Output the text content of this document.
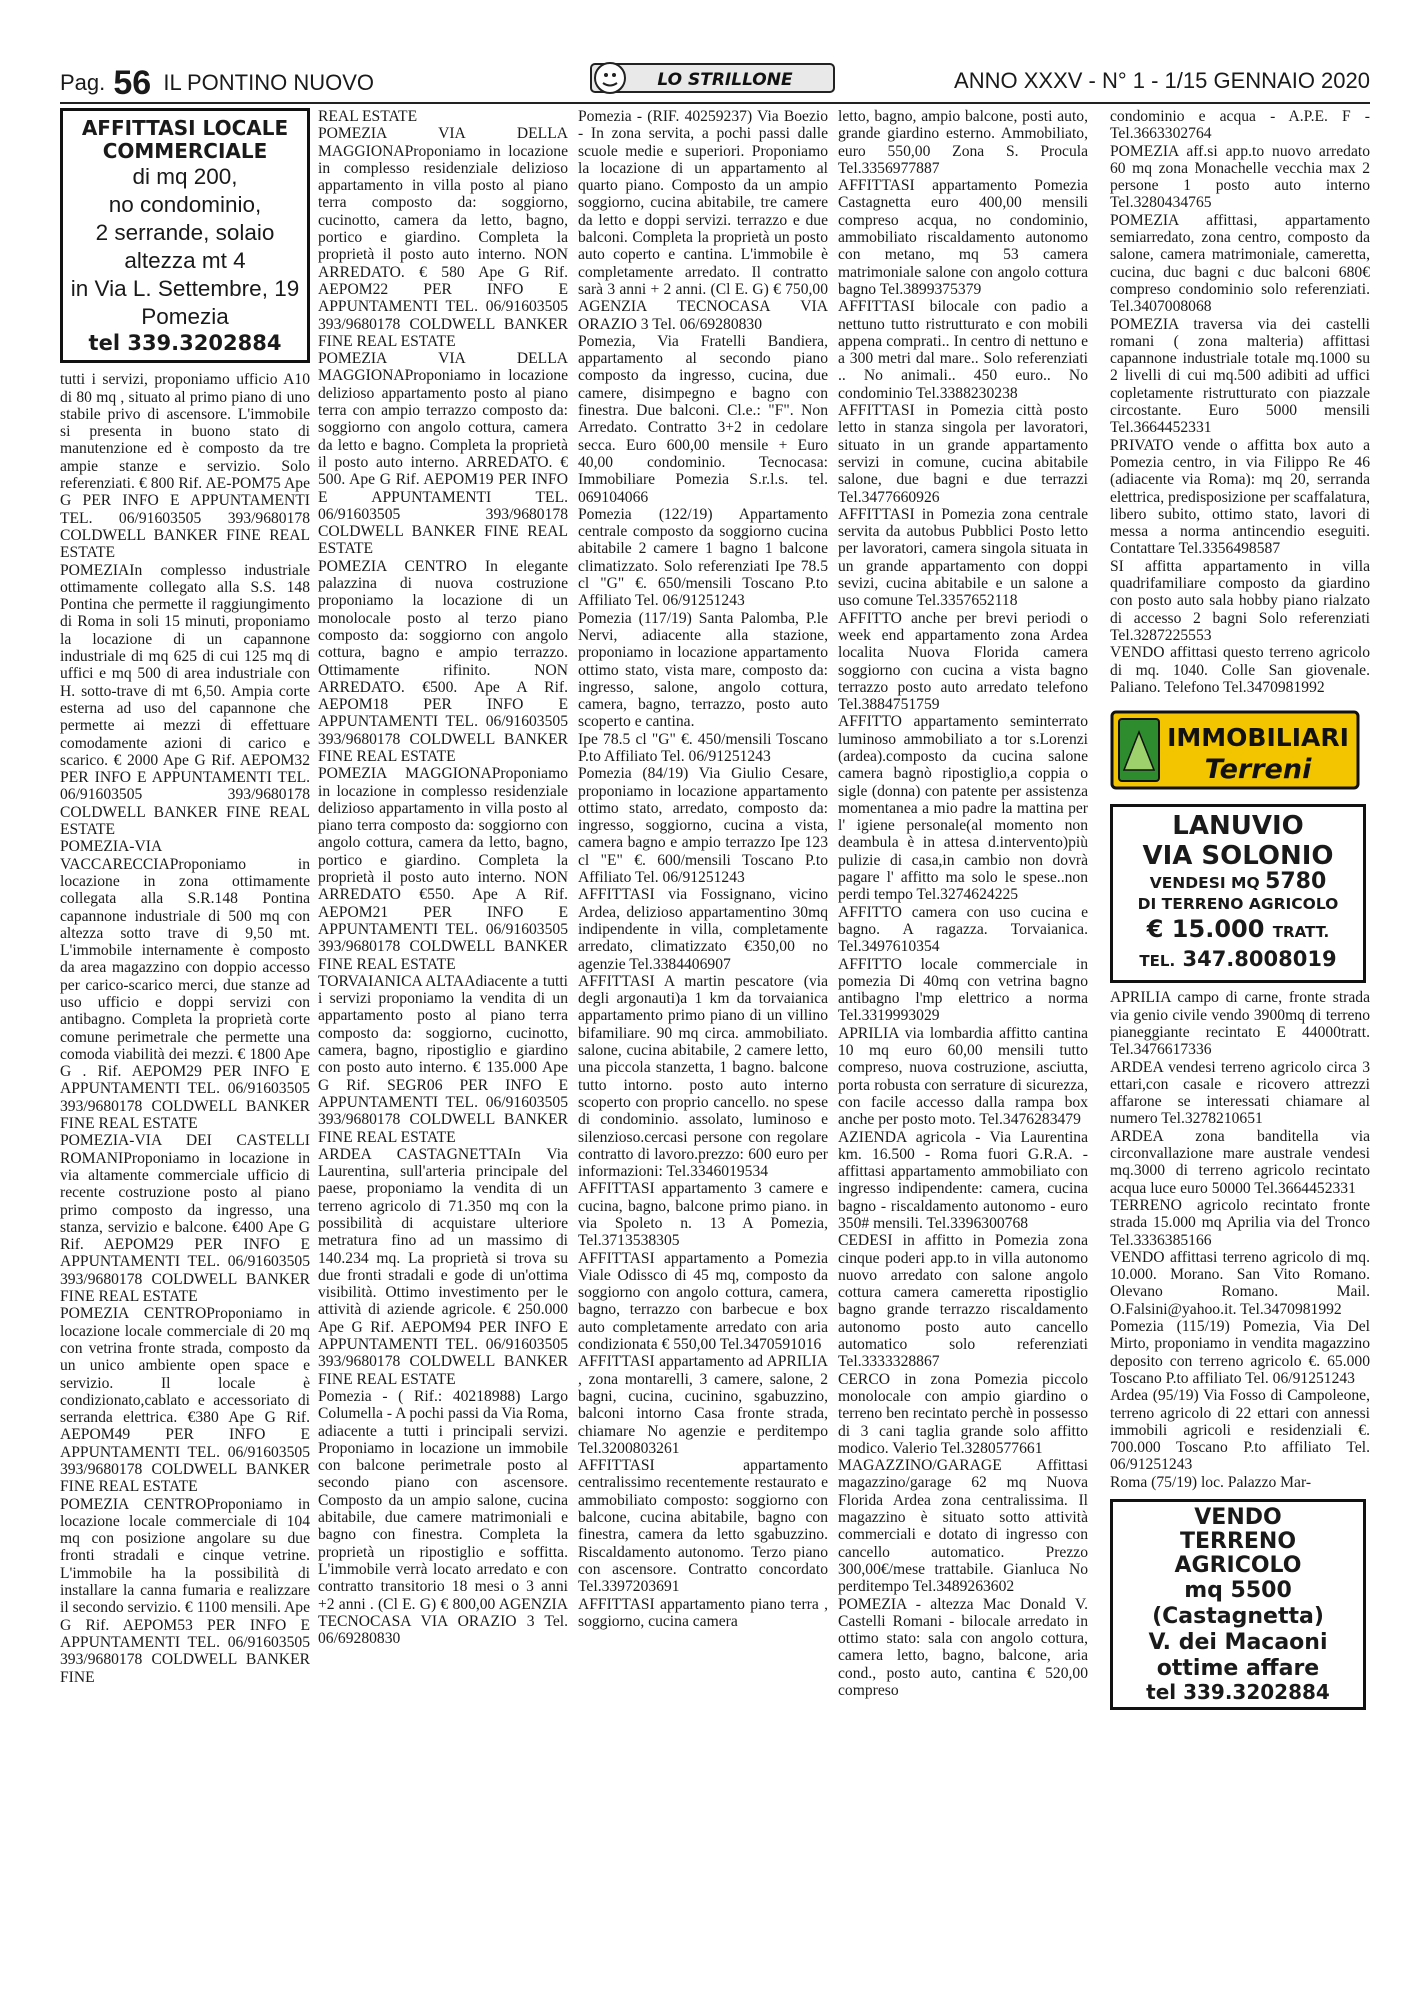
Pag. 56 IL PONTINO NUOVO	LO STRILLONE	ANNO XXXV - N° 1 - 1/15 GENNAIO 2020
AFFITTASI LOCALE
COMMERCIALE
di mq 200,
no condominio,
2 serrande, solaio
altezza mt 4
in Via L. Settembre, 19
Pomezia
tel 339.3202884

tutti i servizi, proponiamo ufficio A10 di 80 mq , situato al primo piano di uno stabile privo di ascensore. L'immobile si presenta in buono stato di manutenzione ed è composto da tre ampie stanze e servizio. Solo referenziati. € 800 Rif. AE-POM75 Ape G PER INFO E APPUNTAMENTI TEL. 06/91603505 393/9680178 COLDWELL BANKER FINE REAL ESTATE

POMEZIAIn complesso industriale ottimamente collegato alla S.S. 148 Pontina che permette il raggiungimento di Roma in soli 15 minuti, proponiamo la locazione di un capannone industriale di mq 625 di cui 125 mq di uffici e mq 500 di area industriale con H. sotto-trave di mt 6,50. Ampia corte esterna ad uso del capannone che permette ai mezzi di effettuare comodamente azioni di carico e scarico. € 2000 Ape G Rif. AEPOM32 PER INFO E APPUNTAMENTI TEL. 06/91603505 393/9680178 COLDWELL BANKER FINE REAL ESTATE

POMEZIA-VIA VACCARECCIAProponiamo in locazione in zona ottimamente collegata alla S.R.148 Pontina capannone industriale di 500 mq con altezza sotto trave di 9,50 mt. L'immobile internamente è composto da area magazzino con doppio accesso per carico-scarico merci, due stanze ad uso ufficio e doppi servizi con antibagno. Completa la proprietà corte comune perimetrale che permette una comoda viabilità dei mezzi. € 1800 Ape G . Rif. AEPOM29 PER INFO E APPUNTAMENTI TEL. 06/91603505 393/9680178 COLDWELL BANKER FINE REAL ESTATE

POMEZIA-VIA DEI CASTELLI ROMANIProponiamo in locazione in via altamente commerciale ufficio di recente costruzione posto al piano primo composto da ingresso, una stanza, servizio e balcone. €400 Ape G Rif. AEPOM29 PER INFO E APPUNTAMENTI TEL. 06/91603505 393/9680178 COLDWELL BANKER FINE REAL ESTATE

POMEZIA CENTROProponiamo in locazione locale commerciale di 20 mq con vetrina fronte strada, composto da un unico ambiente open space e servizio. Il locale è condizionato,cablato e accessoriato di serranda elettrica. €380 Ape G Rif. AEPOM49 PER INFO E APPUNTAMENTI TEL. 06/91603505 393/9680178 COLDWELL BANKER FINE REAL ESTATE

POMEZIA CENTROProponiamo in locazione locale commerciale di 104 mq con posizione angolare su due fronti stradali e cinque vetrine. L'immobile ha la possibilità di installare la canna fumaria e realizzare il secondo servizio. € 1100 mensili. Ape G Rif. AEPOM53 PER INFO E APPUNTAMENTI TEL. 06/91603505 393/9680178 COLDWELL BANKER FINE

REAL ESTATE

POMEZIA VIA DELLA MAGGIONAProponiamo in locazione in complesso residenziale delizioso appartamento in villa posto al piano terra composto da: soggiorno, cucinotto, camera da letto, bagno, portico e giardino. Completa la proprietà il posto auto interno. NON ARREDATO. € 580 Ape G Rif. AEPOM22 PER INFO E APPUNTAMENTI TEL. 06/91603505 393/9680178 COLDWELL BANKER FINE REAL ESTATE

POMEZIA VIA DELLA MAGGIONAProponiamo in locazione delizioso appartamento posto al piano terra con ampio terrazzo composto da: soggiorno con angolo cottura, camera da letto e bagno. Completa la proprietà il posto auto interno. ARREDATO. € 500. Ape G Rif. AEPOM19 PER INFO E APPUNTAMENTI TEL. 06/91603505 393/9680178 COLDWELL BANKER FINE REAL ESTATE

POMEZIA CENTRO In elegante palazzina di nuova costruzione proponiamo la locazione di un monolocale posto al terzo piano composto da: soggiorno con angolo cottura, bagno e ampio terrazzo. Ottimamente rifinito. NON ARREDATO. €500. Ape A Rif. AEPOM18 PER INFO E APPUNTAMENTI TEL. 06/91603505 393/9680178 COLDWELL BANKER FINE REAL ESTATE

POMEZIA MAGGIONAProponiamo in locazione in complesso residenziale delizioso appartamento in villa posto al piano terra composto da: soggiorno con angolo cottura, camera da letto, bagno, portico e giardino. Completa la proprietà il posto auto interno. NON ARREDATO €550. Ape A Rif. AEPOM21 PER INFO E APPUNTAMENTI TEL. 06/91603505 393/9680178 COLDWELL BANKER FINE REAL ESTATE

TORVAIANICA ALTAAdiacente a tutti i servizi proponiamo la vendita di un appartamento posto al piano terra composto da: soggiorno, cucinotto, camera, bagno, ripostiglio e giardino con posto auto interno. € 135.000 Ape G Rif. SEGR06 PER INFO E APPUNTAMENTI TEL. 06/91603505 393/9680178 COLDWELL BANKER FINE REAL ESTATE

ARDEA CASTAGNETTAIn Via Laurentina, sull'arteria principale del paese, proponiamo la vendita di un terreno agricolo di 71.350 mq con la possibilità di acquistare ulteriore metratura fino ad un massimo di 140.234 mq. La proprietà si trova su due fronti stradali e gode di un'ottima visibilità. Ottimo investimento per le attività di aziende agricole. € 250.000 Ape G Rif. AEPOM94 PER INFO E APPUNTAMENTI TEL. 06/91603505 393/9680178 COLDWELL BANKER FINE REAL ESTATE

Pomezia - ( Rif.: 40218988) Largo Columella - A pochi passi da Via Roma, adiacente a tutti i principali servizi. Proponiamo in locazione un immobile con balcone perimetrale posto al secondo piano con ascensore. Composto da un ampio salone, cucina abitabile, due camere matrimoniali e bagno con finestra. Completa la proprietà un ripostiglio e soffitta. L'immobile verrà locato arredato e con contratto transitorio 18 mesi o 3 anni +2 anni . (Cl E. G) € 800,00 AGENZIA TECNOCASA VIA ORAZIO 3 Tel. 06/69280830

Pomezia - (RIF. 40259237) Via Boezio - In zona servita, a pochi passi dalle scuole medie e superiori. Proponiamo la locazione di un appartamento al quarto piano. Composto da un ampio soggiorno, cucina abitabile, tre camere da letto e doppi servizi. terrazzo e due balconi. Completa la proprietà un posto auto coperto e cantina. L'immobile è completamente arredato. Il contratto sarà 3 anni + 2 anni. (Cl E. G) € 750,00 AGENZIA TECNOCASA VIA ORAZIO 3 Tel. 06/69280830

Pomezia, Via Fratelli Bandiera, appartamento al secondo piano composto da ingresso, cucina, due camere, disimpegno e bagno con finestra. Due balconi. Cl.e.: "F". Non Arredato. Contratto 3+2 in cedolare secca. Euro 600,00 mensile + Euro 40,00 condominio. Tecnocasa: Immobiliare Pomezia S.r.l.s. tel. 069104066

Pomezia (122/19) Appartamento centrale composto da soggiorno cucina abitabile 2 camere 1 bagno 1 balcone climatizzato. Solo referenziati Ipe 78.5 cl "G" €. 650/mensili Toscano P.to Affiliato Tel. 06/91251243

Pomezia (117/19) Santa Palomba, P.le Nervi, adiacente alla stazione, proponiamo in locazione appartamento ottimo stato, vista mare, composto da: ingresso, salone, angolo cottura, camera, bagno, terrazzo, posto auto scoperto e cantina.

Ipe 78.5 cl "G" €. 450/mensili Toscano P.to Affiliato Tel. 06/91251243

Pomezia (84/19) Via Giulio Cesare, proponiamo in locazione appartamento ottimo stato, arredato, composto da: ingresso, soggiorno, cucina a vista, camera bagno e ampio terrazzo Ipe 123 cl "E" €. 600/mensili Toscano P.to Affiliato Tel. 06/91251243

AFFITTASI via Fossignano, vicino Ardea, delizioso appartamentino 30mq indipendente in villa, completamente arredato, climatizzato €350,00 no agenzie Tel.3384406907

AFFITTASI A martin pescatore (via degli argonauti)a 1 km da torvaianica appartamento primo piano di un villino bifamiliare. 90 mq circa. ammobiliato. salone, cucina abitabile, 2 camere letto, una piccola stanzetta, 1 bagno. balcone tutto intorno. posto auto interno scoperto con proprio cancello. no spese di condominio. assolato, luminoso e silenzioso.cercasi persone con regolare contratto di lavoro.prezzo: 600 euro per informazioni: Tel.3346019534

AFFITTASI appartamento 3 camere e cucina, bagno, balcone primo piano. in via Spoleto n. 13 A Pomezia, Tel.3713538305

AFFITTASI appartamento a Pomezia Viale Odissco di 45 mq, composto da soggiorno con angolo cottura, camera, bagno, terrazzo con barbecue e box auto completamente arredato con aria condizionata € 550,00 Tel.3470591016

AFFITTASI appartamento ad APRILIA , zona montarelli, 3 camere, salone, 2 bagni, cucina, cucinino, sgabuzzino, balconi intorno Casa fronte strada, chiamare No agenzie e perditempo Tel.3200803261

AFFITTASI appartamento centralissimo recentemente restaurato e ammobiliato composto: soggiorno con balcone, cucina abitabile, bagno con finestra, camera da letto sgabuzzino. Riscaldamento autonomo. Terzo piano con ascensore. Contratto concordato Tel.3397203691

AFFITTASI appartamento piano terra , soggiorno, cucina camera

letto, bagno, ampio balcone, posti auto, grande giardino esterno. Ammobiliato, euro 550,00 Zona S. Procula Tel.3356977887

AFFITTASI appartamento Pomezia Castagnetta euro 400,00 mensili compreso acqua, no condominio, ammobiliato riscaldamento autonomo con metano, mq 53 camera matrimoniale salone con angolo cottura bagno Tel.3899375379

AFFITTASI bilocale con padio a nettuno tutto ristrutturato e con mobili appena comprati.. In centro di nettuno e a 300 metri dal mare.. Solo referenziati .. No animali.. 450 euro.. No condominio Tel.3388230238

AFFITTASI in Pomezia città posto letto in stanza singola per lavoratori, situato in un grande appartamento servizi in comune, cucina abitabile salone, due bagni e due terrazzi Tel.3477660926

AFFITTASI in Pomezia zona centrale servita da autobus Pubblici Posto letto per lavoratori, camera singola situata in un grande appartamento con doppi sevizi, cucina abitabile e un salone a uso comune Tel.3357652118

AFFITTO anche per brevi periodi o week end appartamento zona Ardea localita Nuova Florida camera soggiorno con cucina a vista bagno terrazzo posto auto arredato telefono Tel.3884751759

AFFITTO appartamento seminterrato luminoso ammobiliato a tor s.Lorenzi (ardea).composto da cucina salone camera bagnò ripostiglio,a coppia o sigle (donna) con patente per assistenza momentanea a mio padre la mattina per l' igiene personale(al momento non deambula è in attesa d.intervento)più pulizie di casa,in cambio non dovrà pagare l' affitto ma solo le spese..non perdi tempo Tel.3274624225

AFFITTO camera con uso cucina e bagno. A ragazza. Torvaianica. Tel.3497610354

AFFITTO locale commerciale in pomezia Di 40mq con vetrina bagno antibagno l'mp elettrico a norma Tel.3319993029

APRILIA via lombardia affitto cantina 10 mq euro 60,00 mensili tutto compreso, nuova costruzione, asciutta, porta robusta con serrature di sicurezza, con facile accesso dalla rampa box anche per posto moto. Tel.3476283479

AZIENDA agricola - Via Laurentina km. 16.500 - Roma fuori G.R.A. - affittasi appartamento ammobiliato con ingresso indipendente: camera, cucina bagno - riscaldamento autonomo - euro 350# mensili. Tel.3396300768

CEDESI in affitto in Pomezia zona cinque poderi app.to in villa autonomo nuovo arredato con salone angolo cottura camera cameretta ripostiglio bagno grande terrazzo riscaldamento autonomo posto auto cancello automatico solo referenziati Tel.3333328867

CERCO in zona Pomezia piccolo monolocale con ampio giardino o terreno ben recintato perchè in possesso di 3 cani taglia grande solo affitto modico. Valerio Tel.3280577661

MAGAZZINO/GARAGE Affittasi magazzino/garage 62 mq Nuova Florida Ardea zona centralissima. Il magazzino è situato sotto attività commerciali e dotato di ingresso con cancello automatico. Prezzo 300,00€/mese trattabile. Gianluca No perditempo Tel.3489263602

POMEZIA - altezza Mac Donald V. Castelli Romani - bilocale arredato in ottimo stato: sala con angolo cottura, camera letto, bagno, balcone, aria cond., posto auto, cantina € 520,00 compreso

condominio e acqua - A.P.E. F - Tel.3663302764

POMEZIA aff.si app.to nuovo arredato 60 mq zona Monachelle vecchia max 2 persone 1 posto auto interno Tel.3280434765

POMEZIA affittasi, appartamento semiarredato, zona centro, composto da salone, camera matrimoniale, cameretta, cucina, duc bagni c duc balconi 680€ compreso condominio solo referenziati. Tel.3407008068

POMEZIA traversa via dei castelli romani ( zona malteria) affittasi capannone industriale totale mq.1000 su 2 livelli di cui mq.500 adibiti ad uffici copletamente ristrutturato con piazzale circostante. Euro 5000 mensili Tel.3664452331

PRIVATO vende o affitta box auto a Pomezia centro, in via Filippo Re 46 (adiacente via Roma): mq 20, serranda elettrica, predisposizione per scaffalatura, libero subito, ottimo stato, lavori di messa a norma antincendio eseguiti. Contattare Tel.3356498587

SI affitta appartamento in villa quadrifamiliare composto da giardino con posto auto sala hobby piano rialzato di accesso 2 bagni Solo referenziati Tel.3287225553

VENDO affittasi questo terreno agricolo di mq. 1040. Colle San giovenale. Paliano. Telefono Tel.3470981992

IMMOBILIARI
Terreni
LANUVIO
VIA SOLONIO
VENDESI MQ 5780
DI TERRENO AGRICOLO
€ 15.000 TRATT.
TEL. 347.8008019

APRILIA campo di carne, fronte strada via genio civile vendo 3900mq di terreno pianeggiante recintato E 44000tratt. Tel.3476617336

ARDEA vendesi terreno agricolo circa 3 ettari,con casale e ricovero attrezzi affarone se interessati chiamare al numero Tel.3278210651

ARDEA zona banditella via circonvallazione mare australe vendesi mq.3000 di terreno agricolo recintato acqua luce euro 50000 Tel.3664452331

TERRENO agricolo recintato fronte strada 15.000 mq Aprilia via del Tronco Tel.3336385166

VENDO affittasi terreno agricolo di mq. 10.000. Morano. San Vito Romano. Olevano Romano. Mail. O.Falsini@yahoo.it. Tel.3470981992

Pomezia (115/19) Pomezia, Via Del Mirto, proponiamo in vendita magazzino deposito con terreno agricolo €. 65.000 Toscano P.to affiliato Tel. 06/91251243

Ardea (95/19) Via Fosso di Campoleone, terreno agricolo di 22 ettari con annessi immobili agricoli e residenziali €. 700.000 Toscano P.to affiliato Tel. 06/91251243

Roma (75/19) loc. Palazzo Mar-

VENDO
TERRENO
AGRICOLO
mq 5500
(Castagnetta)
V. dei Macaoni
ottime affare
tel 339.3202884
